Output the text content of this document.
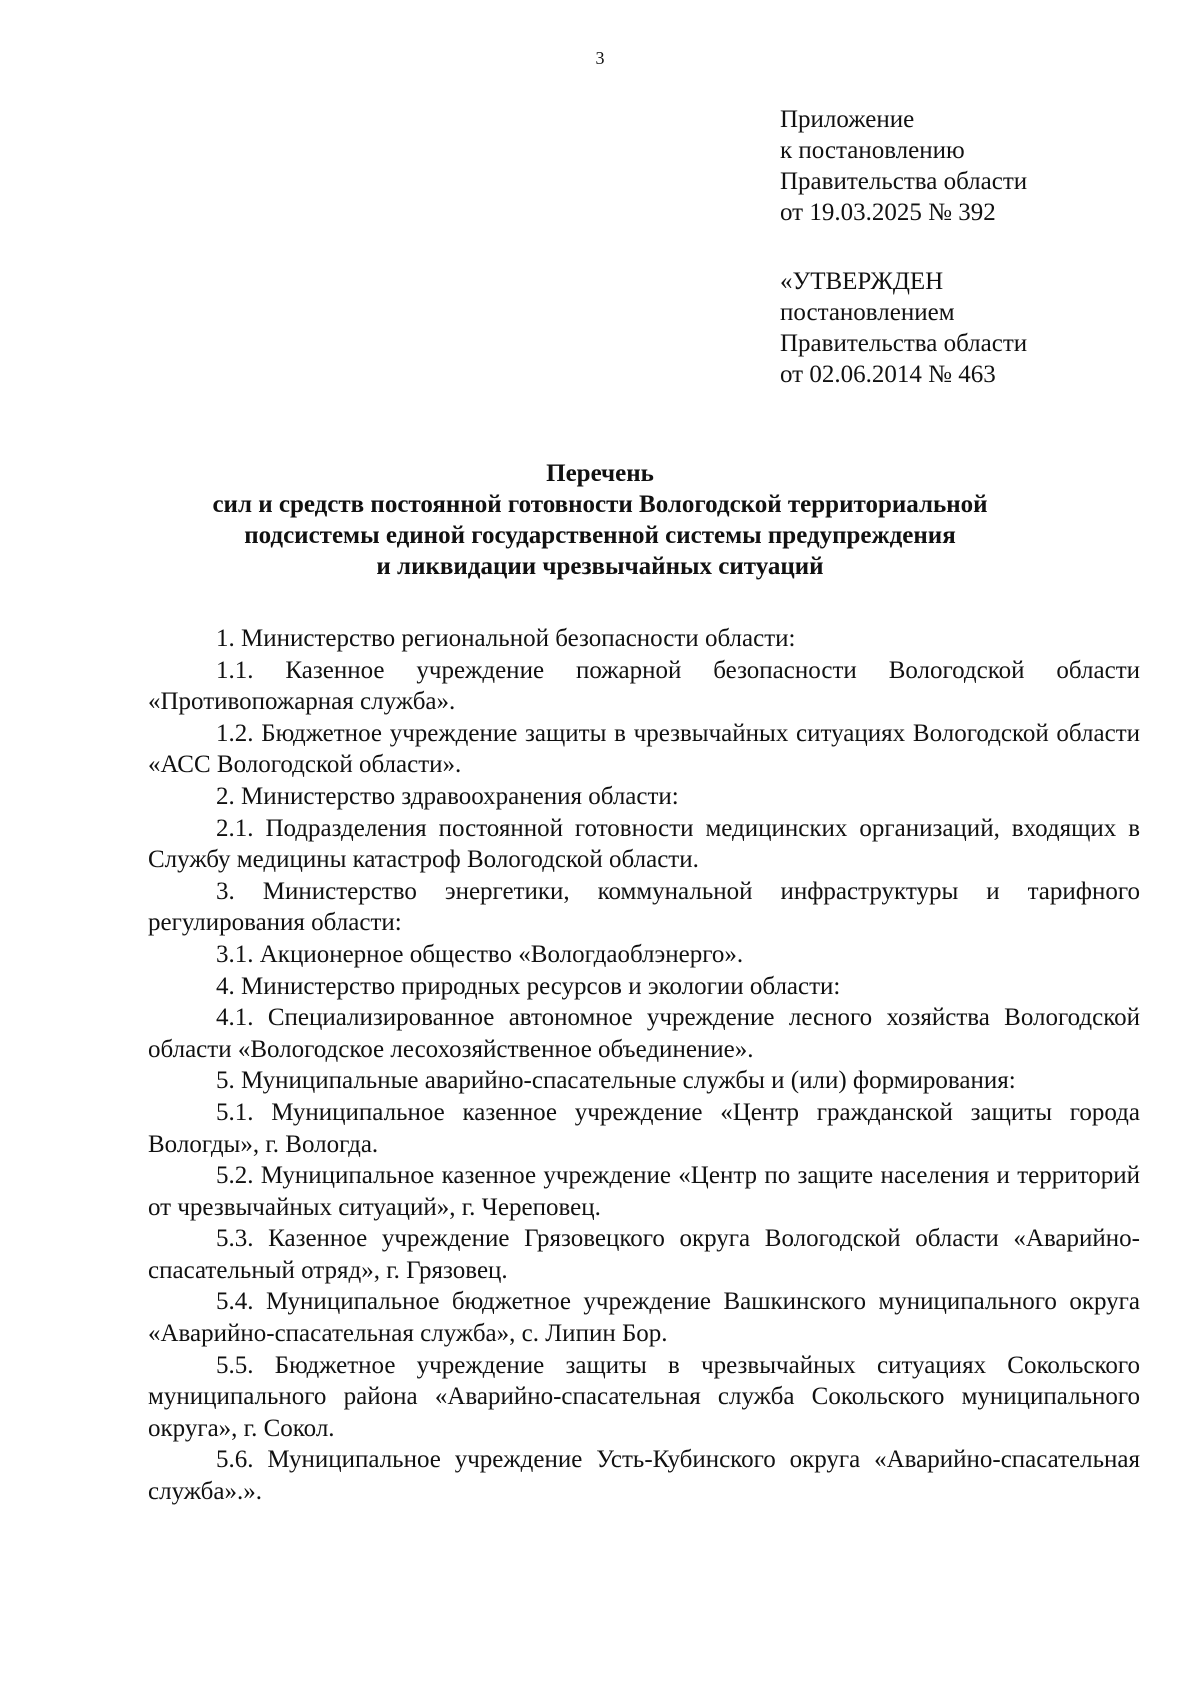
3
Приложение
к постановлению
Правительства области
от 19.03.2025 № 392
«УТВЕРЖДЕН
постановлением
Правительства области
от 02.06.2014 № 463
Перечень
сил и средств постоянной готовности Вологодской территориальной
подсистемы единой государственной системы предупреждения
и ликвидации чрезвычайных ситуаций

1. Министерство региональной безопасности области:

1.1. Казенное учреждение пожарной безопасности Вологодской области «Противопожарная служба».

1.2. Бюджетное учреждение защиты в чрезвычайных ситуациях Вологодской области «АСС Вологодской области».

2. Министерство здравоохранения области:

2.1. Подразделения постоянной готовности медицинских организаций, входящих в Службу медицины катастроф Вологодской области.

3. Министерство энергетики, коммунальной инфраструктуры и тарифного регулирования области:

3.1. Акционерное общество «Вологдаоблэнерго».

4. Министерство природных ресурсов и экологии области:

4.1. Специализированное автономное учреждение лесного хозяйства Вологодской области «Вологодское лесохозяйственное объединение».

5. Муниципальные аварийно-спасательные службы и (или) формирования:

5.1. Муниципальное казенное учреждение «Центр гражданской защиты города Вологды», г. Вологда.

5.2. Муниципальное казенное учреждение «Центр по защите населения и территорий от чрезвычайных ситуаций», г. Череповец.

5.3. Казенное учреждение Грязовецкого округа Вологодской области «Аварийно-спасательный отряд», г. Грязовец.

5.4. Муниципальное бюджетное учреждение Вашкинского муниципального округа «Аварийно-спасательная служба», с. Липин Бор.

5.5. Бюджетное учреждение защиты в чрезвычайных ситуациях Сокольского муниципального района «Аварийно-спасательная служба Сокольского муниципального округа», г. Сокол.

5.6. Муниципальное учреждение Усть-Кубинского округа «Аварийно-спасательная служба».».
